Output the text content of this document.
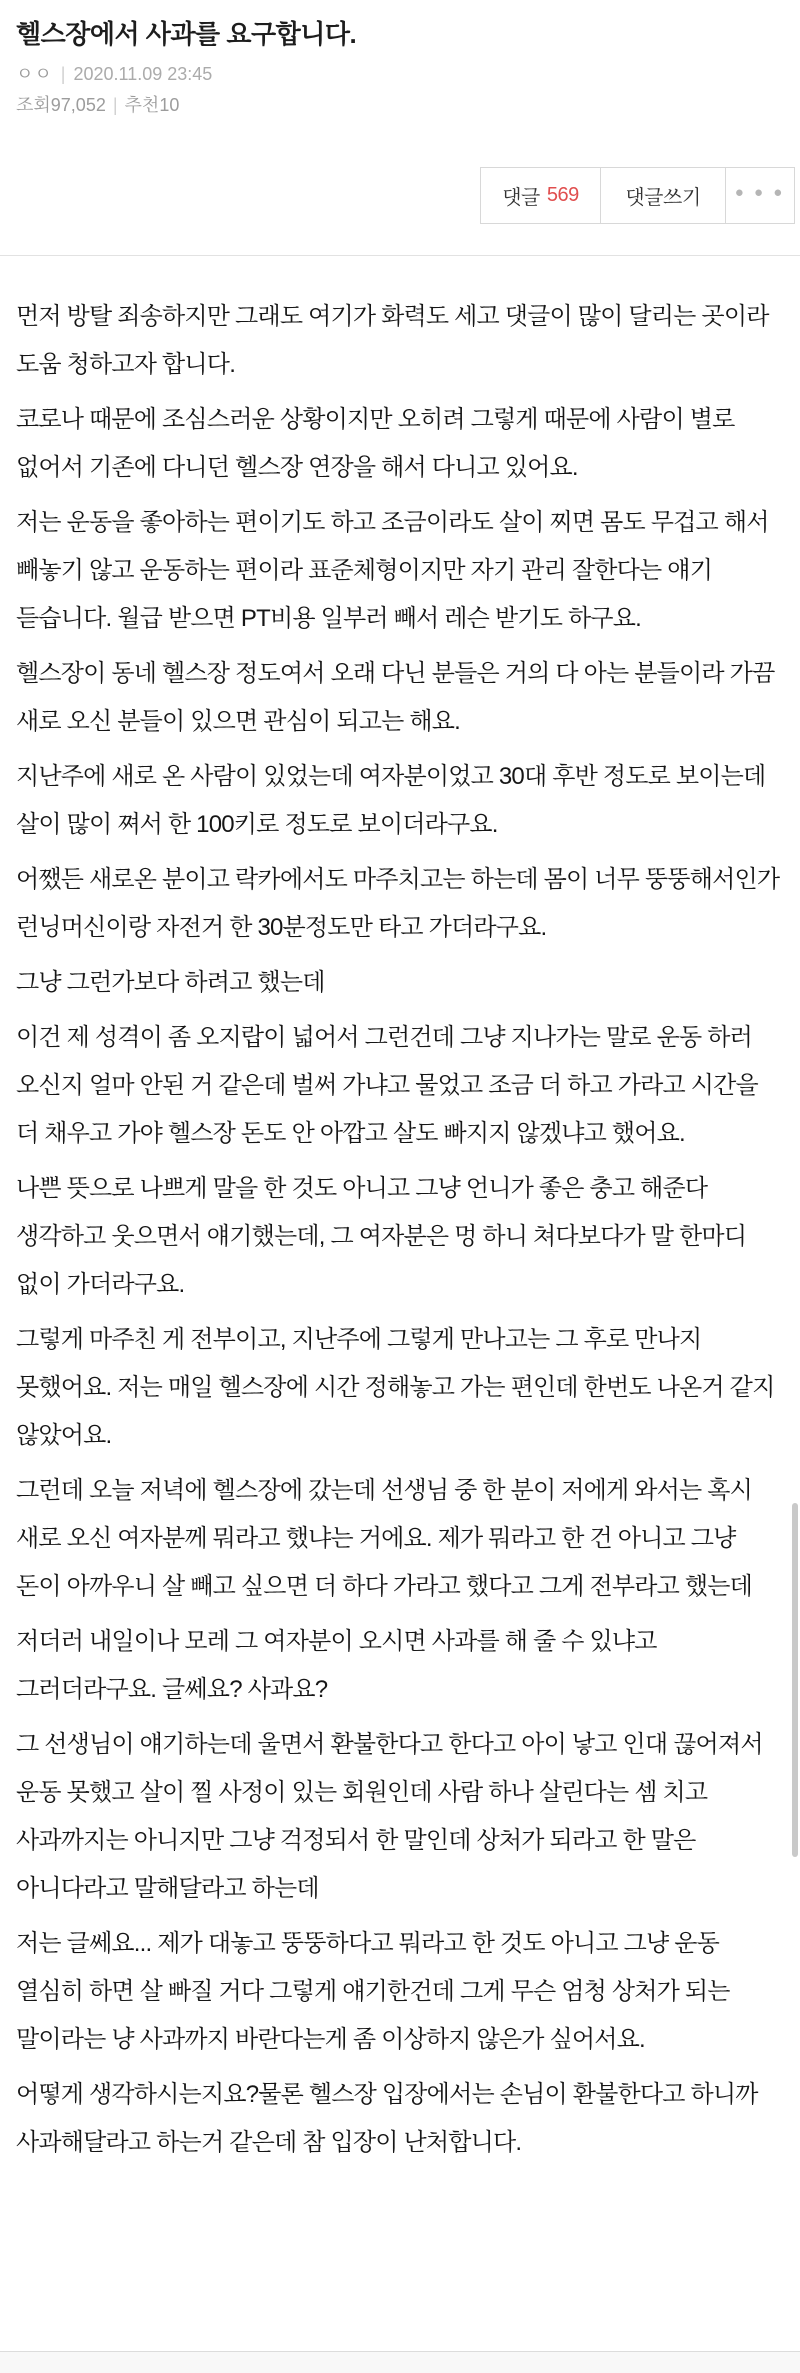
헬스장에서 사과를 요구합니다.
ㅇㅇ | 2020.11.09 23:45
조회 97,052 | 추천 10
댓글 569	댓글쓰기	● ● ●

먼저 방탈 죄송하지만 그래도 여기가 화력도 세고 댓글이 많이 달리는 곳이라 도움 청하고자 합니다.

코로나 때문에 조심스러운 상황이지만 오히려 그렇게 때문에 사람이 별로 없어서 기존에 다니던 헬스장 연장을 해서 다니고 있어요.

저는 운동을 좋아하는 편이기도 하고 조금이라도 살이 찌면 몸도 무겁고 해서 빼놓기 않고 운동하는 편이라 표준체형이지만 자기 관리 잘한다는 얘기 듣습니다. 월급 받으면 PT비용 일부러 빼서 레슨 받기도 하구요.

헬스장이 동네 헬스장 정도여서 오래 다닌 분들은 거의 다 아는 분들이라 가끔 새로 오신 분들이 있으면 관심이 되고는 해요.

지난주에 새로 온 사람이 있었는데 여자분이었고 30대 후반 정도로 보이는데 살이 많이 쪄서 한 100키로 정도로 보이더라구요.

어쨌든 새로온 분이고 락카에서도 마주치고는 하는데 몸이 너무 뚱뚱해서인가 런닝머신이랑 자전거 한 30분정도만 타고 가더라구요.

그냥 그런가보다 하려고 했는데

이건 제 성격이 좀 오지랍이 넓어서 그런건데 그냥 지나가는 말로 운동 하러 오신지 얼마 안된 거 같은데 벌써 가냐고 물었고 조금 더 하고 가라고 시간을 더 채우고 가야 헬스장 돈도 안 아깝고 살도 빠지지 않겠냐고 했어요.

나쁜 뜻으로 나쁘게 말을 한 것도 아니고 그냥 언니가 좋은 충고 해준다 생각하고 웃으면서 얘기했는데, 그 여자분은 멍 하니 쳐다보다가 말 한마디 없이 가더라구요.

그렇게 마주친 게 전부이고, 지난주에 그렇게 만나고는 그 후로 만나지 못했어요. 저는 매일 헬스장에 시간 정해놓고 가는 편인데 한번도 나온거 같지 않았어요.

그런데 오늘 저녁에 헬스장에 갔는데 선생님 중 한 분이 저에게 와서는 혹시 새로 오신 여자분께 뭐라고 했냐는 거에요. 제가 뭐라고 한 건 아니고 그냥 돈이 아까우니 살 빼고 싶으면 더 하다 가라고 했다고 그게 전부라고 했는데

저더러 내일이나 모레 그 여자분이 오시면 사과를 해 줄 수 있냐고 그러더라구요. 글쎄요? 사과요?

그 선생님이 얘기하는데 울면서 환불한다고 한다고 아이 낳고 인대 끊어져서 운동 못했고 살이 찔 사정이 있는 회원인데 사람 하나 살린다는 셈 치고 사과까지는 아니지만 그냥 걱정되서 한 말인데 상처가 되라고 한 말은 아니다라고 말해달라고 하는데

저는 글쎄요... 제가 대놓고 뚱뚱하다고 뭐라고 한 것도 아니고 그냥 운동 열심히 하면 살 빠질 거다 그렇게 얘기한건데 그게 무슨 엄청 상처가 되는 말이라는 냥 사과까지 바란다는게 좀 이상하지 않은가 싶어서요.

어떻게 생각하시는지요?물론 헬스장 입장에서는 손님이 환불한다고 하니까 사과해달라고 하는거 같은데 참 입장이 난처합니다.
